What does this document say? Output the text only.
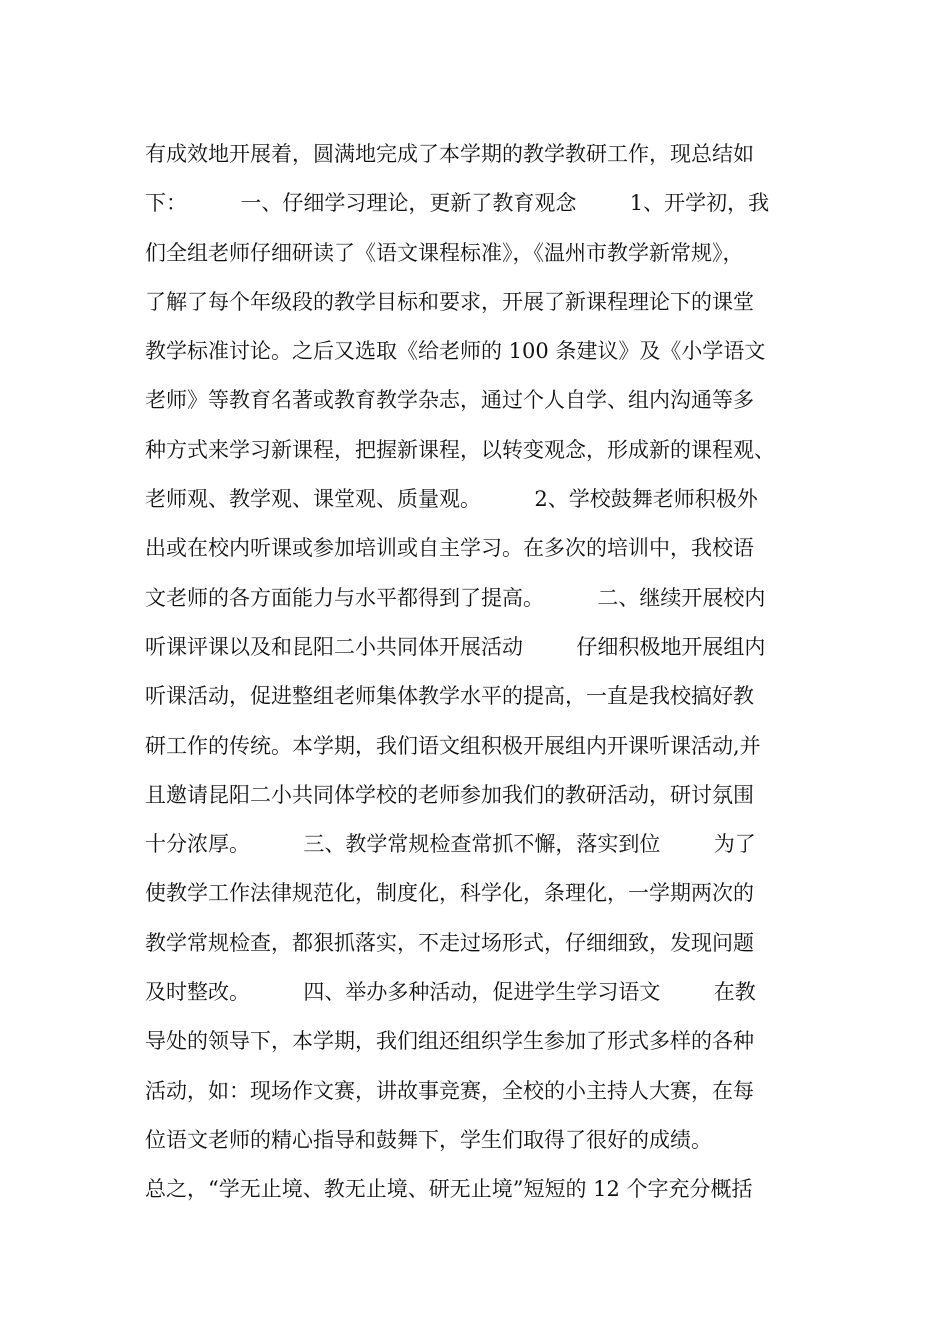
有成效地开展着，圆满地完成了本学期的教学教研工作，现总结如
下：        一、仔细学习理论，更新了教育观念        1、开学初，我
们全组老师仔细研读了《语文课程标准》，《温州市教学新常规》，
了解了每个年级段的教学目标和要求，开展了新课程理论下的课堂
教学标准讨论。之后又选取《给老师的 100 条建议》及《小学语文
老师》等教育名著或教育教学杂志，通过个人自学、组内沟通等多
种方式来学习新课程，把握新课程，以转变观念，形成新的课程观、
老师观、教学观、课堂观、质量观。        2、学校鼓舞老师积极外
出或在校内听课或参加培训或自主学习。在多次的培训中，我校语
文老师的各方面能力与水平都得到了提高。        二、继续开展校内
听课评课以及和昆阳二小共同体开展活动        仔细积极地开展组内
听课活动，促进整组老师集体教学水平的提高，一直是我校搞好教
研工作的传统。本学期，我们语文组积极开展组内开课听课活动,并
且邀请昆阳二小共同体学校的老师参加我们的教研活动，研讨氛围
十分浓厚。        三、教学常规检查常抓不懈，落实到位        为了
使教学工作法律规范化，制度化，科学化，条理化，一学期两次的
教学常规检查，都狠抓落实，不走过场形式，仔细细致，发现问题
及时整改。        四、举办多种活动，促进学生学习语文        在教
导处的领导下，本学期，我们组还组织学生参加了形式多样的各种
活动，如：现场作文赛，讲故事竞赛，全校的小主持人大赛，在每
位语文老师的精心指导和鼓舞下，学生们取得了很好的成绩。
总之，“学无止境、教无止境、研无止境”短短的 12 个字充分概括
